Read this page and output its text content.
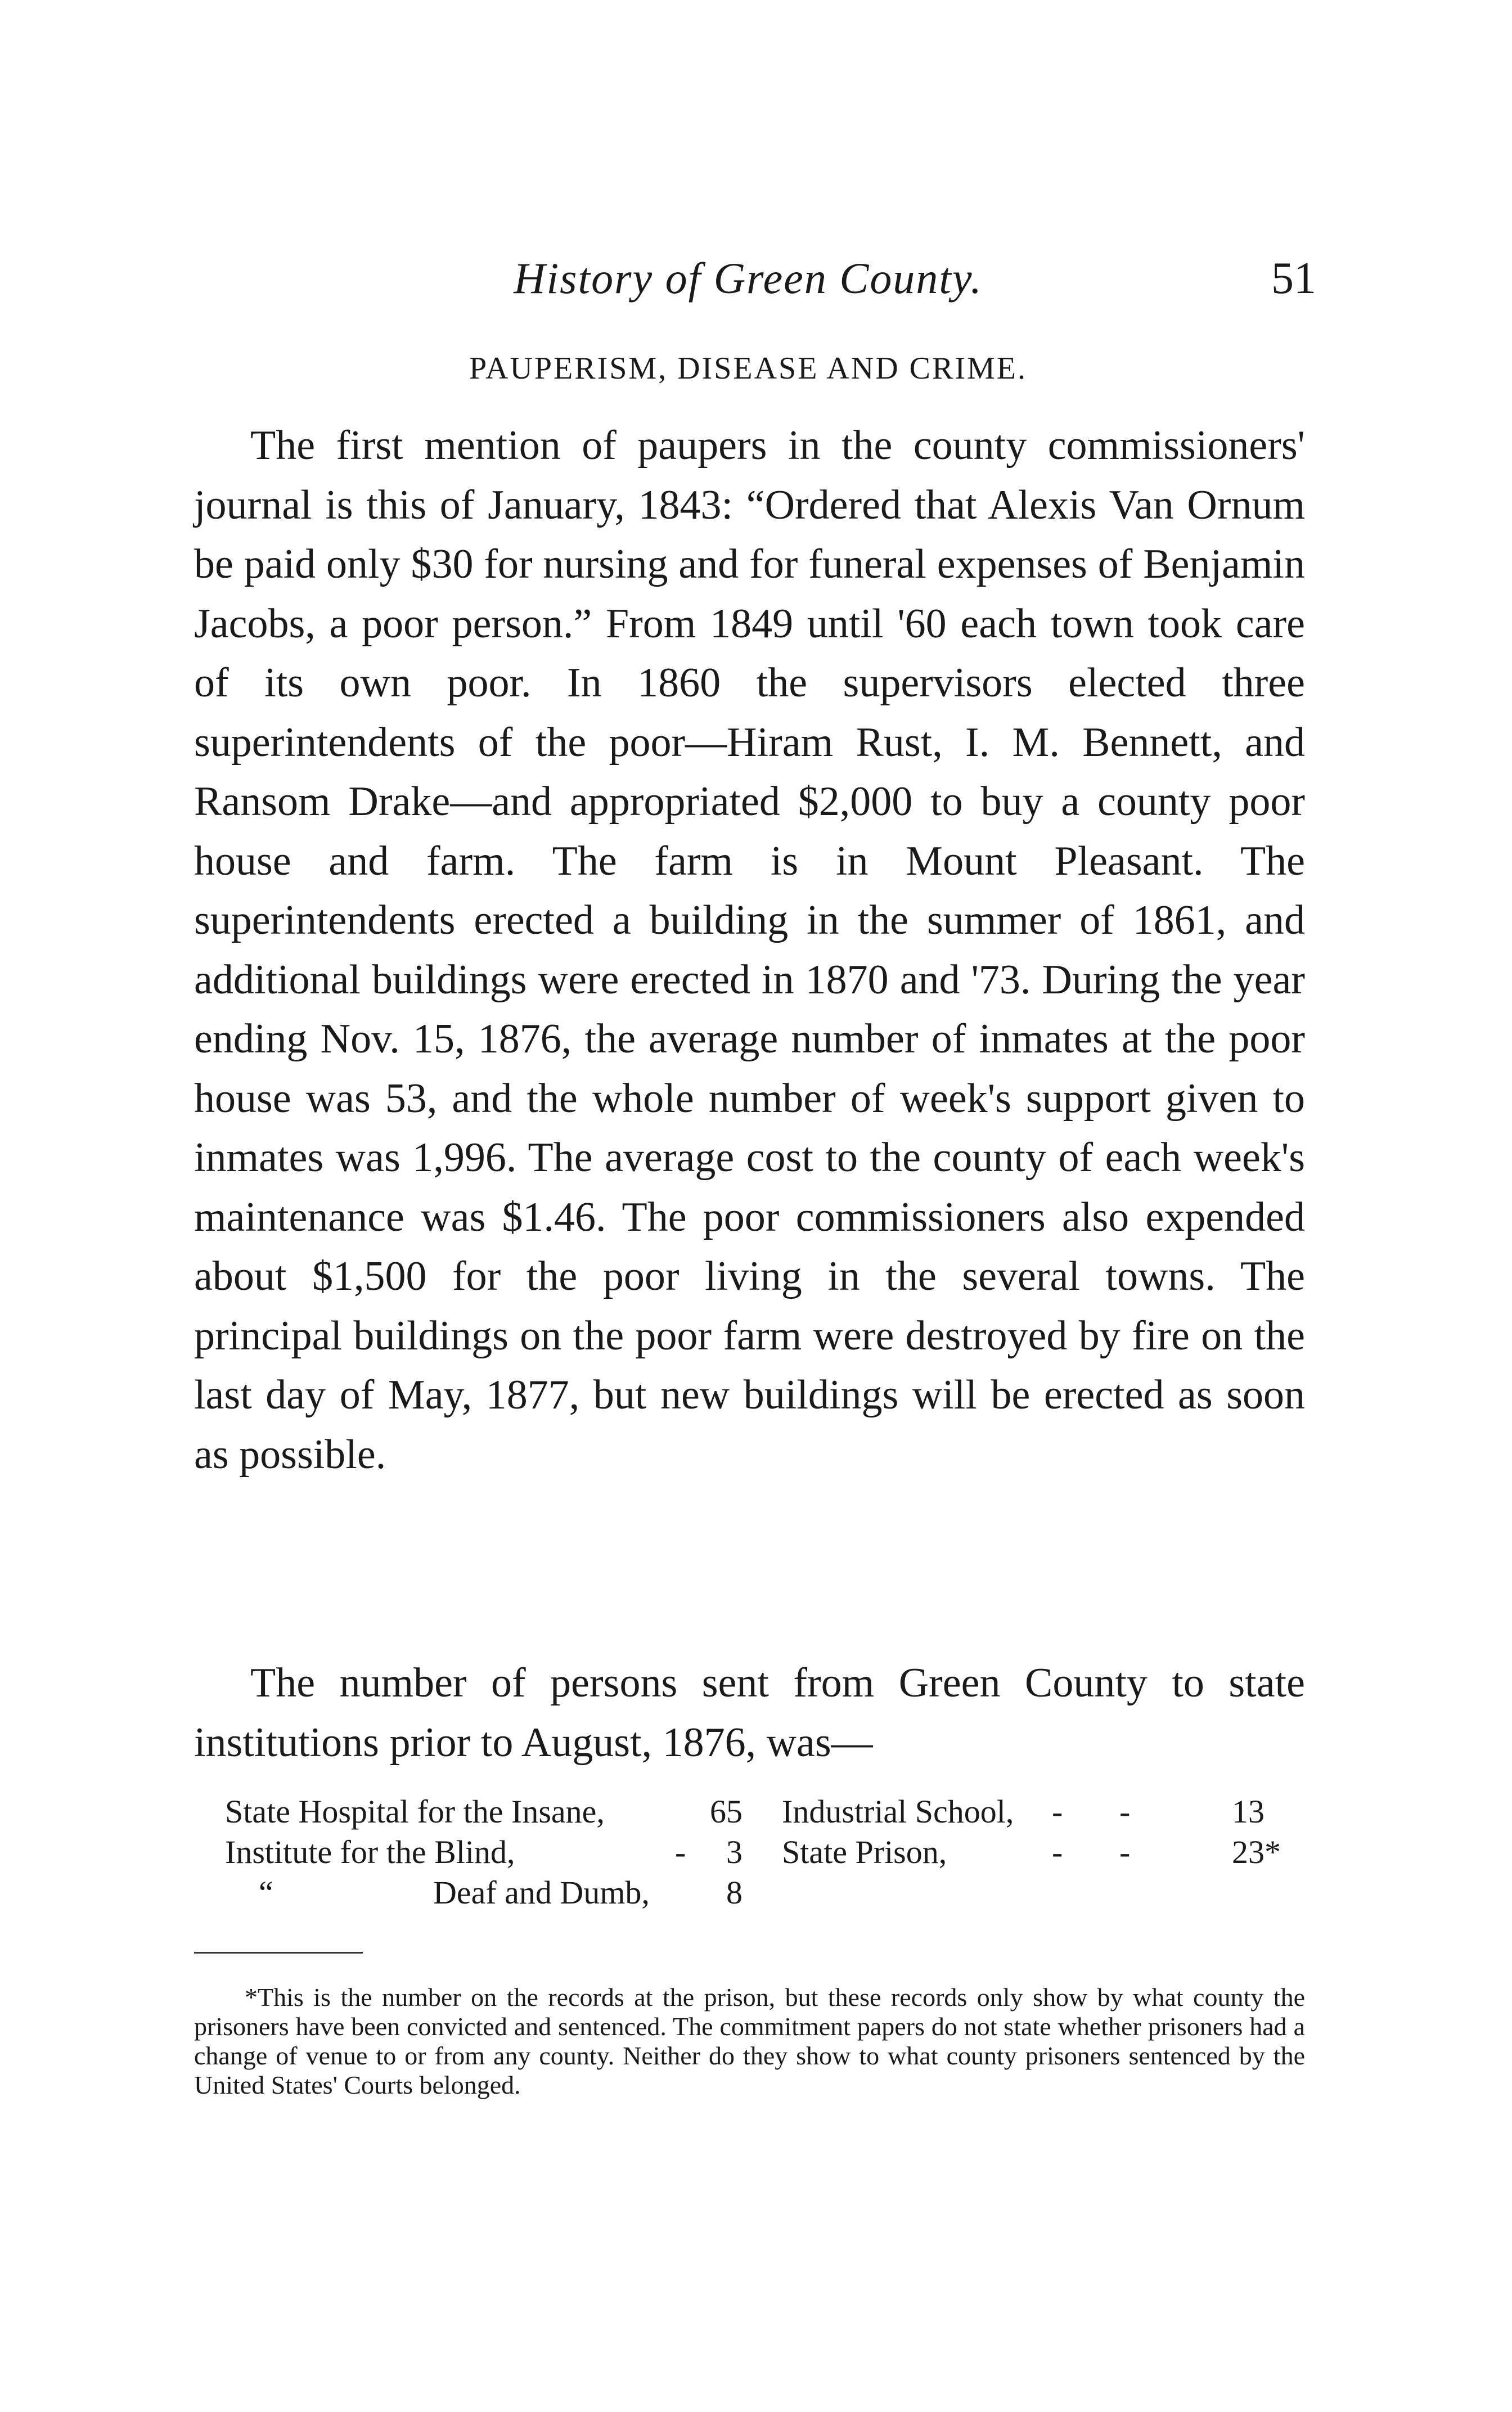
History of Green County.	51
PAUPERISM, DISEASE AND CRIME.

The first mention of paupers in the county commissioners' journal is this of January, 1843: “Ordered that Alexis Van Ornum be paid only $30 for nursing and for funeral expenses of Benjamin Jacobs, a poor person.” From 1849 until '60 each town took care of its own poor. In 1860 the supervisors elected three superintendents of the poor—Hiram Rust, I. M. Bennett, and Ransom Drake—and appropriated $2,000 to buy a county poor house and farm. The farm is in Mount Pleasant. The superintendents erected a building in the summer of 1861, and additional buildings were erected in 1870 and '73. During the year ending Nov. 15, 1876, the average number of inmates at the poor house was 53, and the whole number of week's support given to inmates was 1,996. The average cost to the county of each week's maintenance was $1.46. The poor commissioners also expended about $1,500 for the poor living in the several towns. The principal buildings on the poor farm were destroyed by fire on the last day of May, 1877, but new buildings will be erected as soon as possible.

The number of persons sent from Green County to state institutions prior to August, 1876, was—

State Hospital for the Insane,	65 Industrial School, - -	13
Institute for the Blind,	- 3 State Prison,	- -	23*
“	Deaf and Dumb, 8

*This is the number on the records at the prison, but these records only show by what county the prisoners have been convicted and sentenced. The commitment papers do not state whether prisoners had a change of venue to or from any county. Neither do they show to what county prisoners sentenced by the United States' Courts belonged.
